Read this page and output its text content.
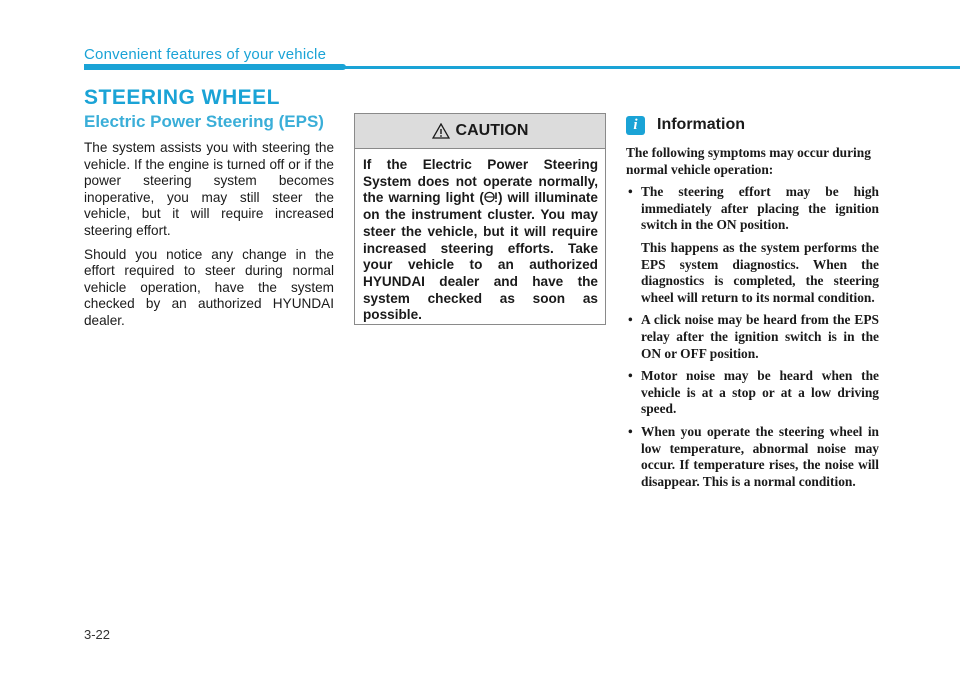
Convenient features of your vehicle
STEERING WHEEL
Electric Power Steering (EPS)

The system assists you with steering the vehicle. If the engine is turned off or if the power steering system becomes inoperative, you may still steer the vehicle, but it will require increased steering effort.

Should you notice any change in the effort required to steer during normal vehicle operation, have the system checked by an authorized HYUNDAI dealer.

CAUTION
If the Electric Power Steering System does not operate normally, the warning light ( ) will illuminate on the instrument cluster. You may steer the vehicle, but it will require increased steering efforts. Take your vehicle to an authorized HYUNDAI dealer and have the system checked as soon as possible.
i	Information

The following symptoms may occur during normal vehicle operation:

• The steering effort may be high immediately after placing the ignition switch in the ON position.

This happens as the system performs the EPS system diagnostics. When the diagnostics is completed, the steering wheel will return to its normal condition.

• A click noise may be heard from the EPS relay after the ignition switch is in the ON or OFF position.

• Motor noise may be heard when the vehicle is at a stop or at a low driving speed.

• When you operate the steering wheel in low temperature, abnormal noise may occur. If temperature rises, the noise will disappear. This is a normal condition.

3-22
